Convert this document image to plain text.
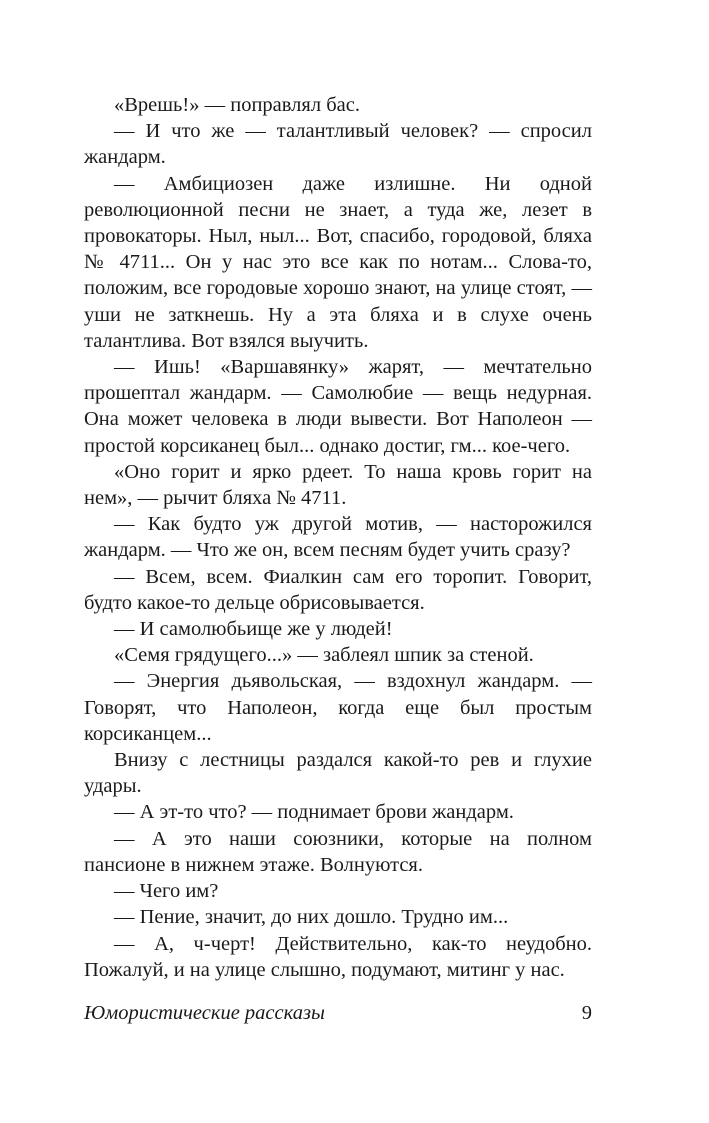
«Врешь!» — поправлял бас.

— И что же — талантливый человек? — спросил жандарм.

— Амбициозен даже излишне. Ни одной революционной песни не знает, а туда же, лезет в провокаторы. Ныл, ныл... Вот, спасибо, городовой, бляха № 4711... Он у нас это все как по нотам... Слова-то, положим, все городовые хорошо знают, на улице стоят, — уши не заткнешь. Ну а эта бляха и в слухе очень талантлива. Вот взялся выучить.

— Ишь! «Варшавянку» жарят, — мечтательно прошептал жандарм. — Самолюбие — вещь недурная. Она может человека в люди вывести. Вот Наполеон — простой корсиканец был... однако достиг, гм... кое-чего.

«Оно горит и ярко рдеет. То наша кровь горит на нем», — рычит бляха № 4711.

— Как будто уж другой мотив, — насторожился жандарм. — Что же он, всем песням будет учить сразу?

— Всем, всем. Фиалкин сам его торопит. Говорит, будто какое-то дельце обрисовывается.

— И самолюбьище же у людей!

«Семя грядущего...» — заблеял шпик за стеной.

— Энергия дьявольская, — вздохнул жандарм. — Говорят, что Наполеон, когда еще был простым корсиканцем...

Внизу с лестницы раздался какой-то рев и глухие удары.

— А эт-то что? — поднимает брови жандарм.

— А это наши союзники, которые на полном пансионе в нижнем этаже. Волнуются.

— Чего им?

— Пение, значит, до них дошло. Трудно им...

— А, ч-черт! Действительно, как-то неудобно. Пожалуй, и на улице слышно, подумают, митинг у нас.

Юмористические рассказы	9
